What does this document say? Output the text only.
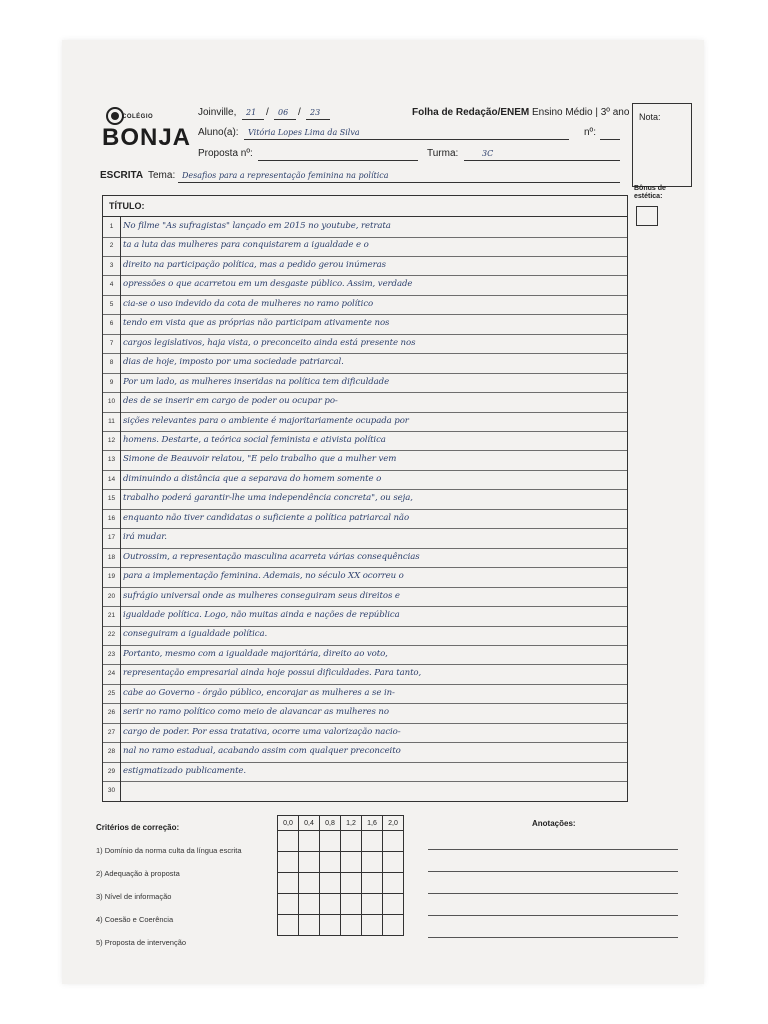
COLÉGIO
BONJA
ESCRITA
Joinville, 21 / 06 / 23	Folha de Redação/ENEM Ensino Médio | 3º ano
Aluno(a): Vitória Lopes Lima da Silva	nº:
Proposta nº:	Turma:	3C
Tema: Desafios para a representação feminina na política
Nota:
Bônus de estética:
TÍTULO:
1	No filme "As sufragistas" lançado em 2015 no youtube, retrata
2	ta a luta das mulheres para conquistarem a igualdade e o
3	direito na participação política, mas a pedido gerou inúmeras
4	opressões o que acarretou em um desgaste público. Assim, verdade
5	cia-se o uso indevido da cota de mulheres no ramo político
6	tendo em vista que as próprias não participam ativamente nos
7	cargos legislativos, haja vista, o preconceito ainda está presente nos
8	dias de hoje, imposto por uma sociedade patriarcal.
9	Por um lado, as mulheres inseridas na política tem dificuldade
10 des de se inserir em cargo de poder ou ocupar po-
11 sições relevantes para o ambiente é majoritariamente ocupada por
12 homens. Destarte, a teórica social feminista e ativista política
13 Simone de Beauvoir relatou, "É pelo trabalho que a mulher vem
14 diminuindo a distância que a separava do homem somente o
15 trabalho poderá garantir-lhe uma independência concreta", ou seja,
16 enquanto não tiver candidatas o suficiente a política patriarcal não
17 irá mudar.
18 Outrossim, a representação masculina acarreta várias consequências
19 para a implementação feminina. Ademais, no século XX ocorreu o
20 sufrágio universal onde as mulheres conseguiram seus direitos e
21 igualdade política. Logo, não muitas ainda e nações de república
22 conseguiram a igualdade política.
23 Portanto, mesmo com a igualdade majoritária, direito ao voto,
24 representação empresarial ainda hoje possui dificuldades. Para tanto,
25 cabe ao Governo - órgão público, encorajar as mulheres a se in-
26 serir no ramo político como meio de alavancar as mulheres no
27 cargo de poder. Por essa tratativa, ocorre uma valorização nacio-
28 nal no ramo estadual, acabando assim com qualquer preconceito
29 estigmatizado publicamente.
30
Critérios de correção:
1) Domínio da norma culta da língua escrita
2) Adequação à proposta
3) Nível de informação
4) Coesão e Coerência
5) Proposta de intervenção
0,0	0,4	0,8	1,2	1,6	2,0

						Anotações:
